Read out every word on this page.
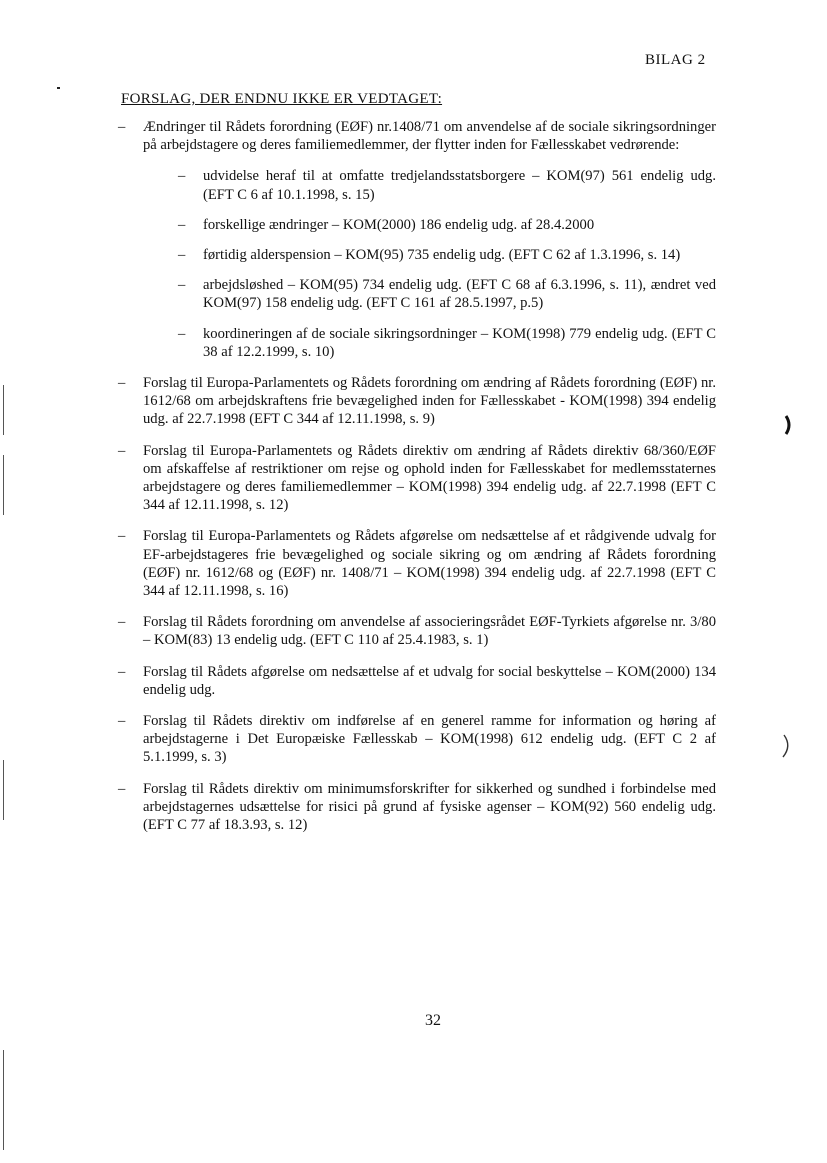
BILAG 2
FORSLAG, DER ENDNU IKKE ER VEDTAGET:
– Ændringer til Rådets forordning (EØF) nr.1408/71 om anvendelse af de sociale sikringsordninger på arbejdstagere og deres familiemedlemmer, der flytter inden for Fællesskabet vedrørende:
– udvidelse heraf til at omfatte tredjelandsstatsborgere – KOM(97) 561 endelig udg. (EFT C 6 af 10.1.1998, s. 15)
– forskellige ændringer – KOM(2000) 186 endelig udg. af 28.4.2000
– førtidig alderspension – KOM(95) 735 endelig udg. (EFT C 62 af 1.3.1996, s. 14)
– arbejdsløshed – KOM(95) 734 endelig udg. (EFT C 68 af 6.3.1996, s. 11), ændret ved KOM(97) 158 endelig udg. (EFT C 161 af 28.5.1997, p.5)
– koordineringen af de sociale sikringsordninger – KOM(1998) 779 endelig udg. (EFT C 38 af 12.2.1999, s. 10)
– Forslag til Europa-Parlamentets og Rådets forordning om ændring af Rådets forordning (EØF) nr. 1612/68 om arbejdskraftens frie bevægelighed inden for Fællesskabet - KOM(1998) 394 endelig udg. af 22.7.1998 (EFT C 344 af 12.11.1998, s. 9)
– Forslag til Europa-Parlamentets og Rådets direktiv om ændring af Rådets direktiv 68/360/EØF om afskaffelse af restriktioner om rejse og ophold inden for Fællesskabet for medlemsstaternes arbejdstagere og deres familiemedlemmer – KOM(1998) 394 endelig udg. af 22.7.1998 (EFT C 344 af 12.11.1998, s. 12)
– Forslag til Europa-Parlamentets og Rådets afgørelse om nedsættelse af et rådgivende udvalg for EF-arbejdstageres frie bevægelighed og sociale sikring og om ændring af Rådets forordning (EØF) nr. 1612/68 og (EØF) nr. 1408/71 – KOM(1998) 394 endelig udg. af 22.7.1998 (EFT C 344 af 12.11.1998, s. 16)
– Forslag til Rådets forordning om anvendelse af associeringsrådet EØF-Tyrkiets afgørelse nr. 3/80 – KOM(83) 13 endelig udg. (EFT C 110 af 25.4.1983, s. 1)
– Forslag til Rådets afgørelse om nedsættelse af et udvalg for social beskyttelse – KOM(2000) 134 endelig udg.
– Forslag til Rådets direktiv om indførelse af en generel ramme for information og høring af arbejdstagerne i Det Europæiske Fællesskab – KOM(1998) 612 endelig udg. (EFT C 2 af 5.1.1999, s. 3)
– Forslag til Rådets direktiv om minimumsforskrifter for sikkerhed og sundhed i forbindelse med arbejdstagernes udsættelse for risici på grund af fysiske agenser – KOM(92) 560 endelig udg. (EFT C 77 af 18.3.93, s. 12)
32
